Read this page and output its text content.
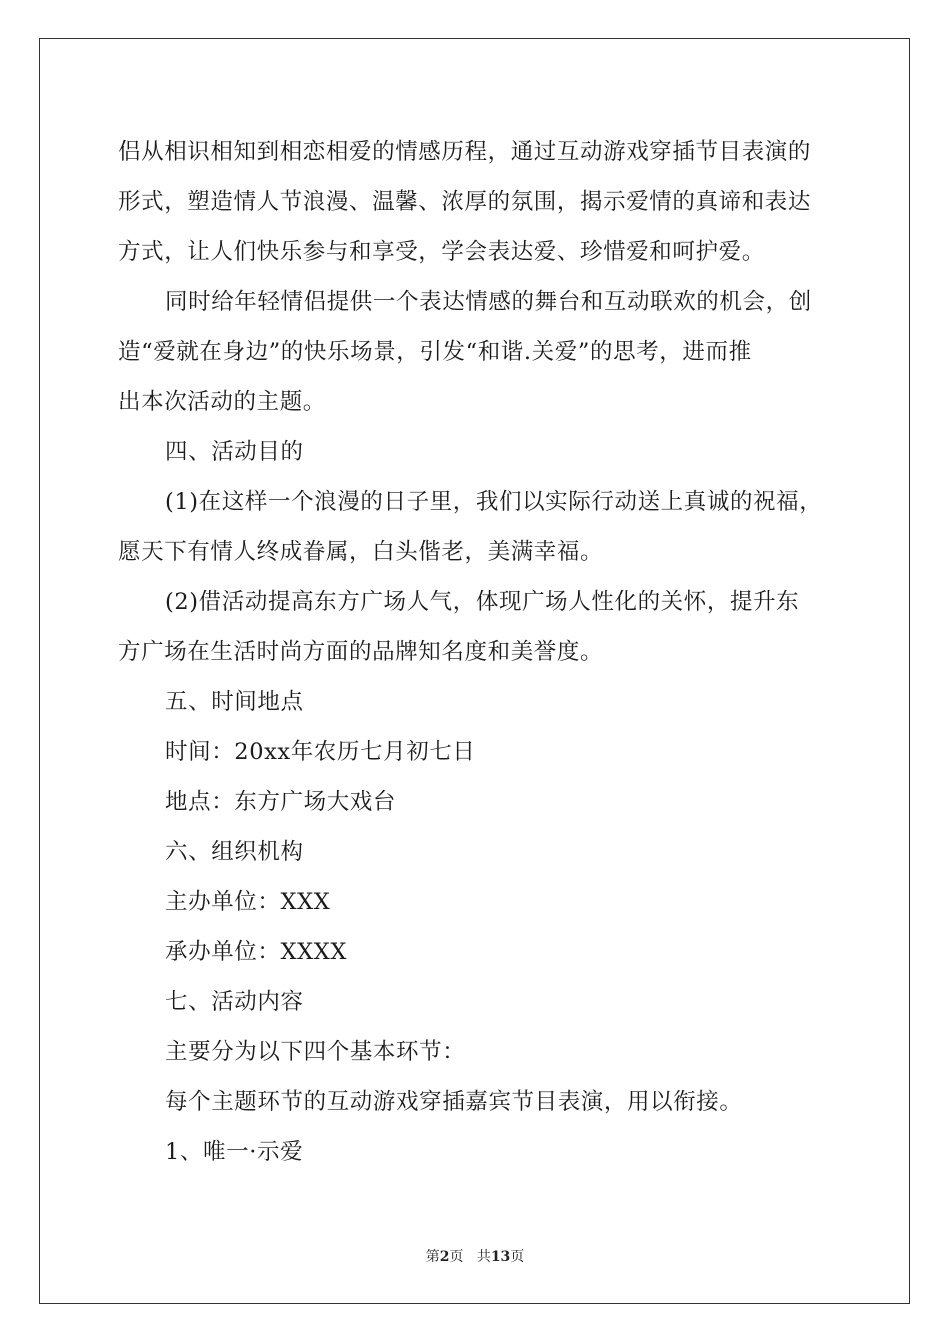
侣从相识相知到相恋相爱的情感历程，通过互动游戏穿插节目表演的
形式，塑造情人节浪漫、温馨、浓厚的氛围，揭示爱情的真谛和表达
方式，让人们快乐参与和享受，学会表达爱、珍惜爱和呵护爱。
同时给年轻情侣提供一个表达情感的舞台和互动联欢的机会，创
造“爱就在身边”的快乐场景，引发“和谐.关爱”的思考，进而推
出本次活动的主题。
四、活动目的
(1)在这样一个浪漫的日子里，我们以实际行动送上真诚的祝福，
愿天下有情人终成眷属，白头偕老，美满幸福。
(2)借活动提高东方广场人气，体现广场人性化的关怀，提升东
方广场在生活时尚方面的品牌知名度和美誉度。
五、时间地点
时间：20xx年农历七月初七日
地点：东方广场大戏台
六、组织机构
主办单位：XXX
承办单位：XXXX
七、活动内容
主要分为以下四个基本环节：
每个主题环节的互动游戏穿插嘉宾节目表演，用以衔接。
1、唯一·示爱
第2页 共13页
